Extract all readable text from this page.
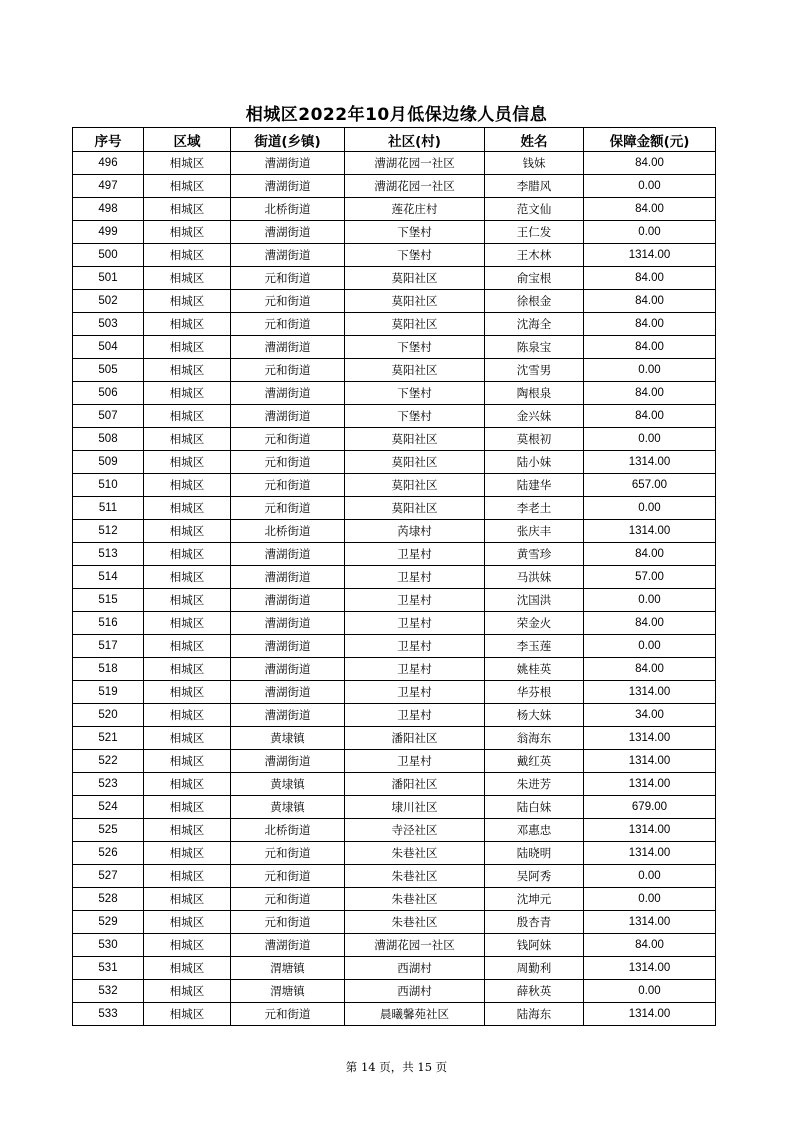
相城区2022年10月低保边缘人员信息
序号	区域	街道(乡镇)	社区(村)	姓名	保障金额(元)
496	相城区	漕湖街道	漕湖花园一社区	钱妹	84.00
497	相城区	漕湖街道	漕湖花园一社区	李腊风	0.00
498	相城区	北桥街道	莲花庄村	范文仙	84.00
499	相城区	漕湖街道	下堡村	王仁发	0.00
500	相城区	漕湖街道	下堡村	王木林	1314.00
501	相城区	元和街道	莫阳社区	俞宝根	84.00
502	相城区	元和街道	莫阳社区	徐根金	84.00
503	相城区	元和街道	莫阳社区	沈海全	84.00
504	相城区	漕湖街道	下堡村	陈泉宝	84.00
505	相城区	元和街道	莫阳社区	沈雪男	0.00
506	相城区	漕湖街道	下堡村	陶根泉	84.00
507	相城区	漕湖街道	下堡村	金兴妹	84.00
508	相城区	元和街道	莫阳社区	莫根初	0.00
509	相城区	元和街道	莫阳社区	陆小妹	1314.00
510	相城区	元和街道	莫阳社区	陆建华	657.00
511	相城区	元和街道	莫阳社区	李老土	0.00
512	相城区	北桥街道	芮埭村	张庆丰	1314.00
513	相城区	漕湖街道	卫星村	黄雪珍	84.00
514	相城区	漕湖街道	卫星村	马洪妹	57.00
515	相城区	漕湖街道	卫星村	沈国洪	0.00
516	相城区	漕湖街道	卫星村	荣金火	84.00
517	相城区	漕湖街道	卫星村	李玉莲	0.00
518	相城区	漕湖街道	卫星村	姚桂英	84.00
519	相城区	漕湖街道	卫星村	华芬根	1314.00
520	相城区	漕湖街道	卫星村	杨大妹	34.00
521	相城区	黄埭镇	潘阳社区	翁海东	1314.00
522	相城区	漕湖街道	卫星村	戴红英	1314.00
523	相城区	黄埭镇	潘阳社区	朱进芳	1314.00
524	相城区	黄埭镇	埭川社区	陆白妹	679.00
525	相城区	北桥街道	寺泾社区	邓惠忠	1314.00
526	相城区	元和街道	朱巷社区	陆晓明	1314.00
527	相城区	元和街道	朱巷社区	吴阿秀	0.00
528	相城区	元和街道	朱巷社区	沈坤元	0.00
529	相城区	元和街道	朱巷社区	殷杏青	1314.00
530	相城区	漕湖街道	漕湖花园一社区	钱阿妹	84.00
531	相城区	渭塘镇	西湖村	周勤利	1314.00
532	相城区	渭塘镇	西湖村	薛秋英	0.00
533	相城区	元和街道	晨曦馨苑社区	陆海东	1314.00
第 14 页，共 15 页
